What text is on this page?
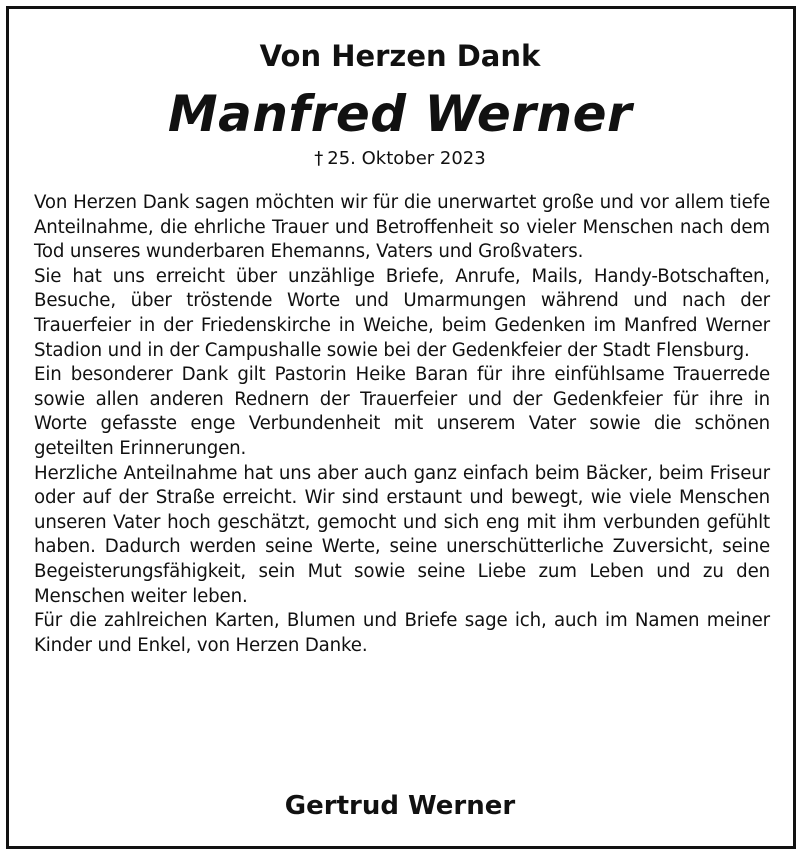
Von Herzen Dank
Manfred Werner
† 25. Oktober 2023

Von Herzen Dank sagen möchten wir für die unerwartet große und vor allem tiefe Anteilnahme, die ehrliche Trauer und Betroffenheit so vieler Menschen nach dem Tod unseres wunderbaren Ehemanns, Vaters und Großvaters.

Sie hat uns erreicht über unzählige Briefe, Anrufe, Mails, Handy-Botschaften, Besuche, über tröstende Worte und Umarmungen während und nach der Trauerfeier in der Friedenskirche in Weiche, beim Gedenken im Manfred Werner Stadion und in der Campushalle sowie bei der Gedenkfeier der Stadt Flensburg.

Ein besonderer Dank gilt Pastorin Heike Baran für ihre einfühlsame Trauerrede sowie allen anderen Rednern der Trauerfeier und der Gedenkfeier für ihre in Worte gefasste enge Verbundenheit mit unserem Vater sowie die schönen geteilten Erinnerungen.

Herzliche Anteilnahme hat uns aber auch ganz einfach beim Bäcker, beim Friseur oder auf der Straße erreicht. Wir sind erstaunt und bewegt, wie viele Menschen unseren Vater hoch geschätzt, gemocht und sich eng mit ihm verbunden gefühlt haben. Dadurch werden seine Werte, seine unerschütterliche Zuversicht, seine Begeisterungsfähigkeit, sein Mut sowie seine Liebe zum Leben und zu den Menschen weiter leben.

Für die zahlreichen Karten, Blumen und Briefe sage ich, auch im Namen meiner Kinder und Enkel, von Herzen Danke.

Gertrud Werner
